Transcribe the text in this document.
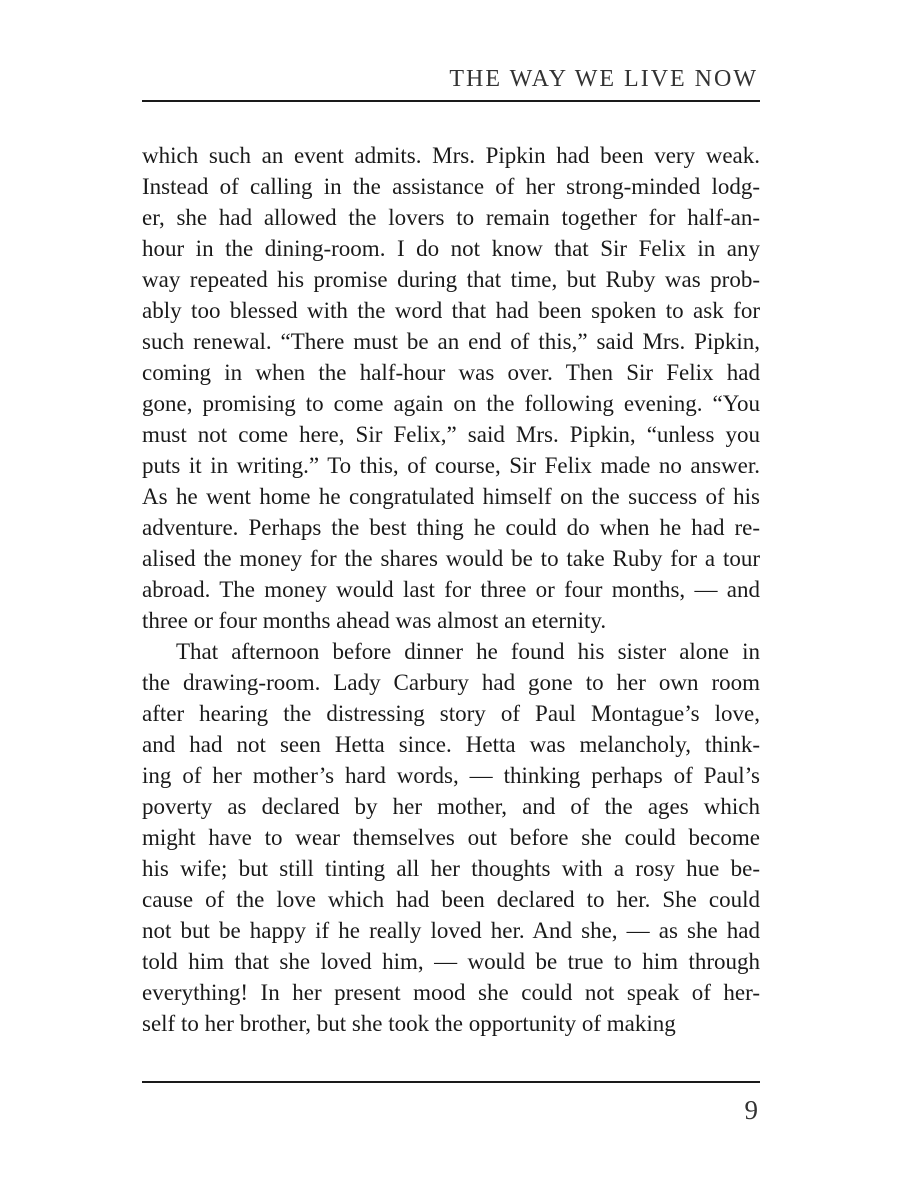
THE WAY WE LIVE NOW
which such an event admits. Mrs. Pipkin had been very weak.
Instead of calling in the assistance of her strong-minded lodg-
er, she had allowed the lovers to remain together for half-an-
hour in the dining-room. I do not know that Sir Felix in any
way repeated his promise during that time, but Ruby was prob-
ably too blessed with the word that had been spoken to ask for
such renewal. “There must be an end of this,” said Mrs. Pipkin,
coming in when the half-hour was over. Then Sir Felix had
gone, promising to come again on the following evening. “You
must not come here, Sir Felix,” said Mrs. Pipkin, “unless you
puts it in writing.” To this, of course, Sir Felix made no answer.
As he went home he congratulated himself on the success of his
adventure. Perhaps the best thing he could do when he had re-
alised the money for the shares would be to take Ruby for a tour
abroad. The money would last for three or four months, — and
three or four months ahead was almost an eternity.
That afternoon before dinner he found his sister alone in
the drawing-room. Lady Carbury had gone to her own room
after hearing the distressing story of Paul Montague’s love,
and had not seen Hetta since. Hetta was melancholy, think-
ing of her mother’s hard words, — thinking perhaps of Paul’s
poverty as declared by her mother, and of the ages which
might have to wear themselves out before she could become
his wife; but still tinting all her thoughts with a rosy hue be-
cause of the love which had been declared to her. She could
not but be happy if he really loved her. And she, — as she had
told him that she loved him, — would be true to him through
everything! In her present mood she could not speak of her-
self to her brother, but she took the opportunity of making
9
